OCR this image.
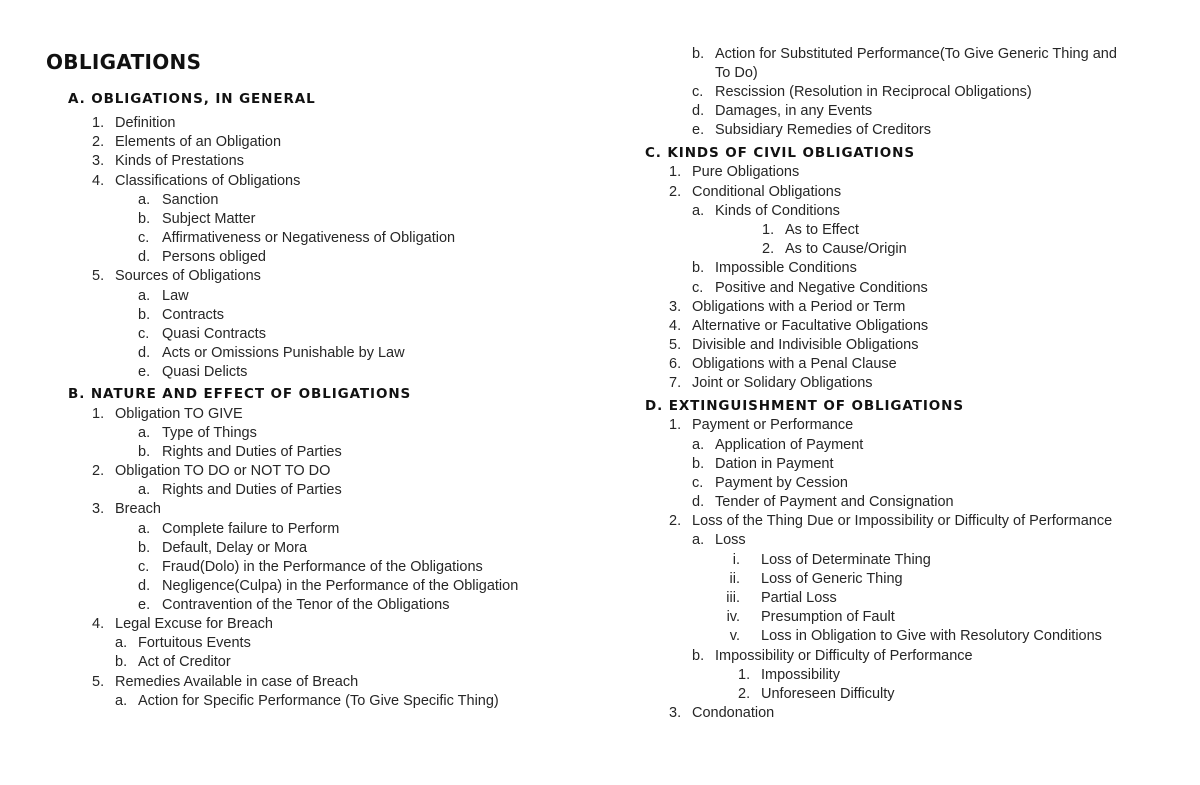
OBLIGATIONS
A. OBLIGATIONS, IN GENERAL
1. Definition
2. Elements of an Obligation
3. Kinds of Prestations
4. Classifications of Obligations
a. Sanction
b. Subject Matter
c. Affirmativeness or Negativeness of Obligation
d. Persons obliged
5. Sources of Obligations
a. Law
b. Contracts
c. Quasi Contracts
d. Acts or Omissions Punishable by Law
e. Quasi Delicts
B. NATURE AND EFFECT OF OBLIGATIONS
1. Obligation TO GIVE
a. Type of Things
b. Rights and Duties of Parties
2. Obligation TO DO or NOT TO DO
a. Rights and Duties of Parties
3. Breach
a. Complete failure to Perform
b. Default, Delay or Mora
c. Fraud(Dolo) in the Performance of the Obligations
d. Negligence(Culpa) in the Performance of the Obligation
e. Contravention of the Tenor of the Obligations
4. Legal Excuse for Breach
a. Fortuitous Events
b. Act of Creditor
5. Remedies Available in case of Breach
a. Action for Specific Performance (To Give Specific Thing)
b. Action for Substituted Performance(To Give Generic Thing and
To Do)
c. Rescission (Resolution in Reciprocal Obligations)
d. Damages, in any Events
e. Subsidiary Remedies of Creditors
C. KINDS OF CIVIL OBLIGATIONS
1. Pure Obligations
2. Conditional Obligations
a. Kinds of Conditions
1. As to Effect
2. As to Cause/Origin
b. Impossible Conditions
c. Positive and Negative Conditions
3. Obligations with a Period or Term
4. Alternative or Facultative Obligations
5. Divisible and Indivisible Obligations
6. Obligations with a Penal Clause
7. Joint or Solidary Obligations
D. EXTINGUISHMENT OF OBLIGATIONS
1. Payment or Performance
a. Application of Payment
b. Dation in Payment
c. Payment by Cession
d. Tender of Payment and Consignation
2. Loss of the Thing Due or Impossibility or Difficulty of Performance
a. Loss
i. Loss of Determinate Thing
ii. Loss of Generic Thing
iii. Partial Loss
iv. Presumption of Fault
v. Loss in Obligation to Give with Resolutory Conditions
b. Impossibility or Difficulty of Performance
1. Impossibility
2. Unforeseen Difficulty
3. Condonation
